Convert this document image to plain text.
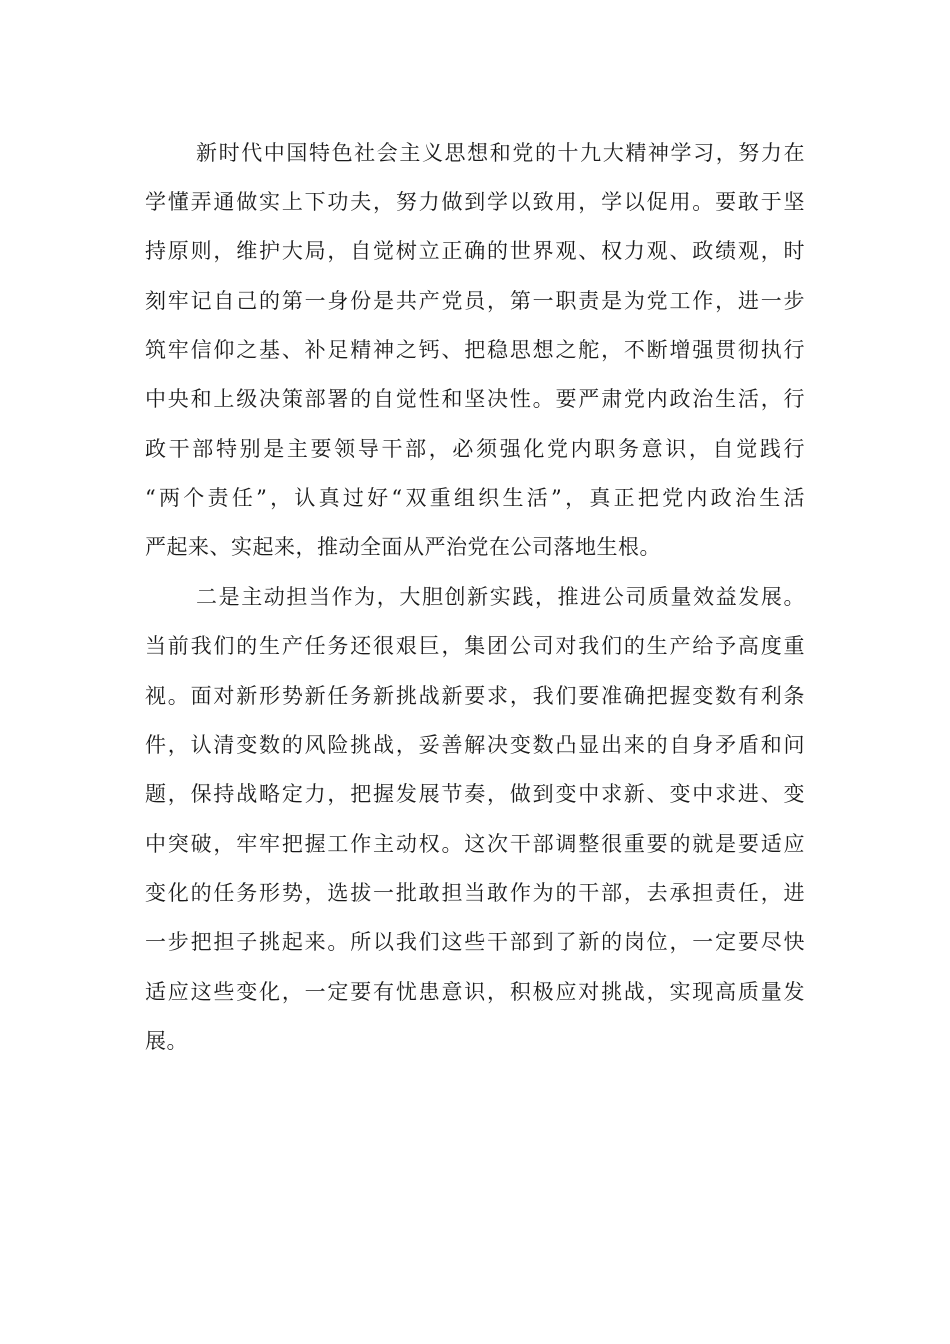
新时代中国特色社会主义思想和党的十九大精神学习，努力在
学懂弄通做实上下功夫，努力做到学以致用，学以促用。要敢于坚
持原则，维护大局，自觉树立正确的世界观、权力观、政绩观，时
刻牢记自己的第一身份是共产党员，第一职责是为党工作，进一步
筑牢信仰之基、补足精神之钙、把稳思想之舵，不断增强贯彻执行
中央和上级决策部署的自觉性和坚决性。要严肃党内政治生活，行
政干部特别是主要领导干部，必须强化党内职务意识，自觉践行
“两个责任”，认真过好“双重组织生活”，真正把党内政治生活
严起来、实起来，推动全面从严治党在公司落地生根。
二是主动担当作为，大胆创新实践，推进公司质量效益发展。
当前我们的生产任务还很艰巨，集团公司对我们的生产给予高度重
视。面对新形势新任务新挑战新要求，我们要准确把握变数有利条
件，认清变数的风险挑战，妥善解决变数凸显出来的自身矛盾和问
题，保持战略定力，把握发展节奏，做到变中求新、变中求进、变
中突破，牢牢把握工作主动权。这次干部调整很重要的就是要适应
变化的任务形势，选拔一批敢担当敢作为的干部，去承担责任，进
一步把担子挑起来。所以我们这些干部到了新的岗位，一定要尽快
适应这些变化，一定要有忧患意识，积极应对挑战，实现高质量发
展。
